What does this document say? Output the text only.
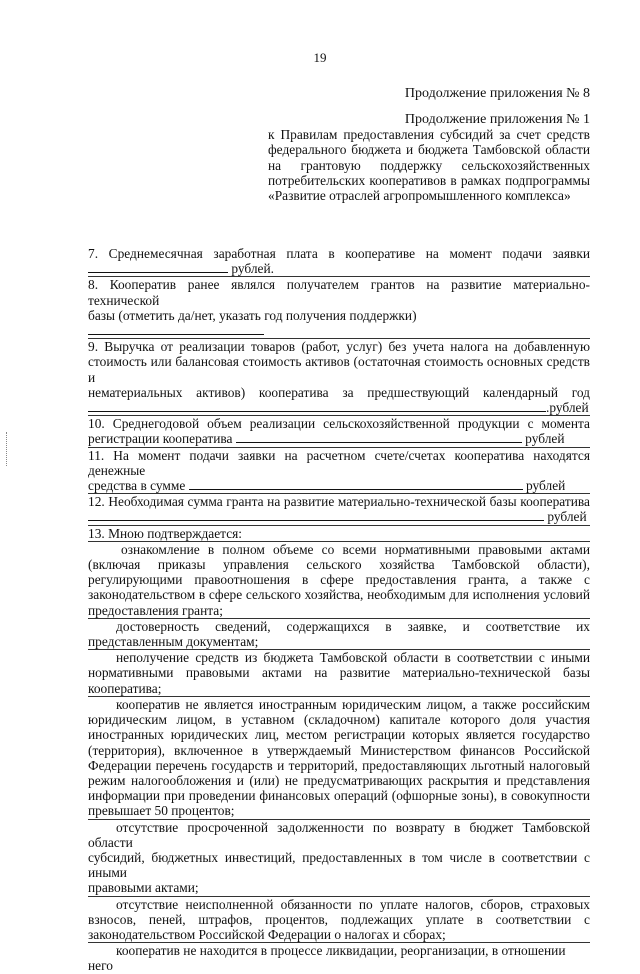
19
Продолжение приложения № 8
Продолжение приложения № 1
к Правилам предоставления субсидий за счет средств
федерального бюджета и бюджета Тамбовской области
на грантовую поддержку сельскохозяйственных
потребительских кооперативов в рамках подпрограммы
«Развитие отраслей агропромышленного комплекса»

7. Среднемесячная заработная плата в кооперативе на момент подачи заявки

рублей.

8. Кооператив ранее являлся получателем грантов на развитие материально- технической

базы (отметить да/нет, указать год получения поддержки)

9. Выручка от реализации товаров (работ, услуг) без учета налога на добавленную

стоимость или балансовая стоимость активов (остаточная стоимость основных средств и

нематериальных активов) кооператива за предшествующий календарный год

.рублей

10. Среднегодовой объем реализации сельскохозяйственной продукции с момента

регистрации кооператива	рублей

11. На момент подачи заявки на расчетном счете/счетах кооператива находятся денежные

средства в сумме	рублей

12. Необходимая сумма гранта на развитие материально-технической базы кооператива

рублей

13. Мною подтверждается:

ознакомление в полном объеме со всеми нормативными правовыми актами

(включая приказы управления сельского хозяйства Тамбовской области),

регулирующими правоотношения в сфере предоставления гранта, а также с

законодательством в сфере сельского хозяйства, необходимым для исполнения условий

предоставления гранта;

достоверность сведений, содержащихся в заявке, и соответствие их

представленным документам;

неполучение средств из бюджета Тамбовской области в соответствии с иными

нормативными правовыми актами на развитие материально-технической базы

кооператива;

кооператив не является иностранным юридическим лицом, а также российским

юридическим лицом, в уставном (складочном) капитале которого доля участия

иностранных юридических лиц, местом регистрации которых является государство

(территория), включенное в утверждаемый Министерством финансов Российской

Федерации перечень государств и территорий, предоставляющих льготный налоговый

режим налогообложения и (или) не предусматривающих раскрытия и представления

информации при проведении финансовых операций (офшорные зоны), в совокупности

превышает 50 процентов;

отсутствие просроченной задолженности по возврату в бюджет Тамбовской области

субсидий, бюджетных инвестиций, предоставленных в том числе в соответствии с иными

правовыми актами;

отсутствие неисполненной обязанности по уплате налогов, сборов, страховых

взносов, пеней, штрафов, процентов, подлежащих уплате в соответствии с

законодательством Российской Федерации о налогах и сборах;

кооператив не находится в процессе ликвидации, реорганизации, в отношении него
